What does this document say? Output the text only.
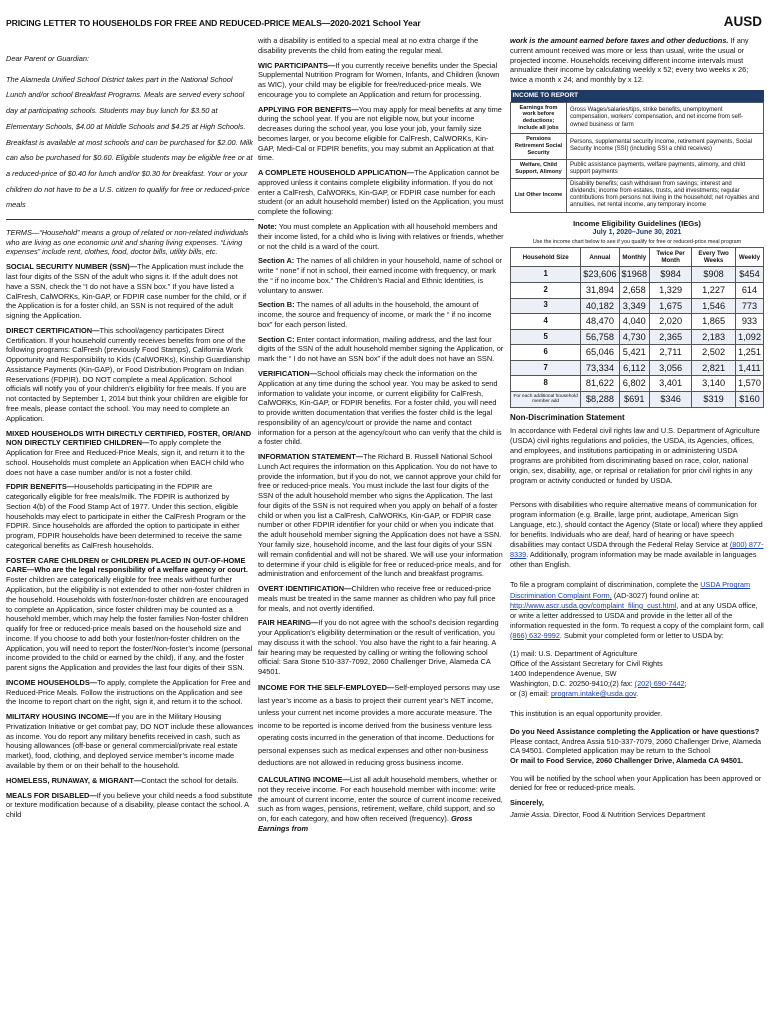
PRICING LETTER TO HOUSEHOLDS FOR FREE AND REDUCED-PRICE MEALS—2020-2021 School Year	AUSD

Dear Parent or Guardian:

The Alameda Unified School District takes part in the National School Lunch and/or school Breakfast Programs. Meals are served every school day at participating schools. Students may buy lunch for $3.50 at Elementary Schools, $4.00 at Middle Schools and $4.25 at High Schools. Breakfast is available at most schools and can be purchased for $2.00. Milk can also be purchased for $0.60. Eligible students may be eligible free or at a reduced-price of $0.40 for lunch and/or $0.30 for breakfast. Your or your children do not have to be a U.S. citizen to qualify for free or reduced-price meals

TERMS—“Household” means a group of related or non-related individuals who are living as one economic unit and sharing living expenses. “Living expenses” include rent, clothes, food, doctor bills, utility bills, etc.

SOCIAL SECURITY NUMBER (SSN)—The Application must include the last four digits of the SSN of the adult who signs it. If the adult does not have a SSN, check the “I do not have a SSN box.” If you have listed a CalFresh, CalWORKs, Kin-GAP, or FDPIR case number for the child, or if the Application is for a foster child, an SSN is not required of the adult signing the Application.

DIRECT CERTIFICATION—This school/agency participates Direct Certification. If your household currently receives benefits from one of the following programs: CalFresh (previously Food Stamps), California Work Opportunity and Responsibility to Kids (CalWORKs), Kinship Guardianship Assistance Payments (Kin-GAP), or Food Distribution Program on Indian Reservations (FDPIR). DO NOT complete a meal Application. School officials will notify you of your children’s eligibility for free meals. If you are not contacted by September 1, 2014 but think your children are eligible for free meals, please contact the school. You may need to complete an Application.

MIXED HOUSEHOLDS WITH DIRECTLY CERTIFIED, FOSTER, OR/AND NON DIRECTLY CERTIFIED CHILDREN—To apply complete the Application for Free and Reduced-Price Meals, sign it, and return it to the school. Households must complete an Application when EACH child who does not have a case number and/or is not a foster child.

FDPIR BENEFITS—Households participating in the FDPIR are categorically eligible for free meals/milk. The FDPIR is authorized by Section 4(b) of the Food Stamp Act of 1977. Under this section, eligible households may elect to participate in either the CalFresh Program or the FDPIR. Since households are afforded the option to participate in either program, FDPIR households have been determined to receive the same categorical benefits as CalFresh households.

FOSTER CARE CHILDREN or CHILDREN PLACED IN OUT-OF-HOME CARE—Who are the legal responsibility of a welfare agency or court. Foster children are categorically eligible for free meals without further Application, but the eligibility is not extended to other non-foster children in the household. Households with foster/non-foster children are encouraged to complete an Application, since foster children may be counted as a household member, which may help the foster families Non-foster children qualify for free or reduced-price meals based on the household size and income. If you choose to add both your foster/non-foster children on the Application, you will need to report the foster/Non-foster’s income (personal income provided to the child or earned by the child), if any, and the foster parent signs the Application and provides the last four digits of their SSN.

INCOME HOUSEHOLDS—To apply, complete the Application for Free and Reduced-Price Meals. Follow the instructions on the Application and see the Income to report chart on the right, sign it, and return it to the school.

MILITARY HOUSING INCOME—If you are in the Military Housing Privatization Initiative or get combat pay, DO NOT include these allowances as income. You do report any military benefits received in cash, such as housing allowances (off-base or general commercial/private real estate market), food, clothing, and deployed service member’s income made available by them or on their behalf to the household.

HOMELESS, RUNAWAY, & MIGRANT—Contact the school for details.

MEALS FOR DISABLED—If you believe your child needs a food substitute or texture modification because of a disability, please contact the school. A child

with a disability is entitled to a special meal at no extra charge if the disability prevents the child from eating the regular meal.

WIC PARTICIPANTS—If you currently receive benefits under the Special Supplemental Nutrition Program for Women, Infants, and Children (known as WIC), your child may be eligible for free/reduced-price meals. We encourage you to complete an Application and return for processing.

APPLYING FOR BENEFITS—You may apply for meal benefits at any time during the school year. If you are not eligible now, but your income decreases during the school year, you lose your job, your family size becomes larger, or you become eligible for CalFresh, CalWORKs, Kin-GAP, Medi-Cal or FDPIR benefits, you may submit an Application at that time.

A COMPLETE HOUSEHOLD APPLICATION—The Application cannot be approved unless it contains complete eligibility information. If you do not enter a CalFresh, CalWORKs, Kin-GAP, or FDPIR case number for each student (or an adult household member) listed on the Application, you must complete the following:

Note: You must complete an Application with all household members and their income listed, for a child who is living with relatives or friends, whether or not the child is a ward of the court.

Section A: The names of all children in your household, name of school or write “ none” if not in school, their earned income with frequency, or mark the “ if no income box.” The Children’s Racial and Ethnic Identities, is voluntary to answer.

Section B: The names of all adults in the household, the amount of income, the source and frequency of income, or mark the “ if no income box” for each person listed.

Section C: Enter contact information, mailing address, and the last four digits of the SSN of the adult household member signing the Application, or mark the “ I do not have an SSN box” if the adult does not have an SSN.

VERIFICATION—School officials may check the information on the Application at any time during the school year. You may be asked to send information to validate your income, or current eligibility for CalFresh, CalWORKs, Kin-GAP, or FDPIR benefits. For a foster child, you will need to provide written documentation that verifies the foster child is the legal responsibility of an agency/court or provide the name and contact information for a person at the agency/court who can verify that the child is a foster child.

INFORMATION STATEMENT—The Richard B. Russell National School Lunch Act requires the information on this Application. You do not have to provide the information, but if you do not, we cannot approve your child for free or reduced-price meals. You must include the last four digits of the SSN of the adult household member who signs the Application. The last four digits of the SSN is not required when you apply on behalf of a foster child or when you list a CalFresh, CalWORKs, Kin-GAP, or FDPIR case number or other FDPIR identifier for your child or when you indicate that the adult household member signing the Application does not have a SSN. Your family size, household income, and the last four digits of your SSN will remain confidential and will not be shared. We will use your information to determine if your child is eligible for free or reduced-price meals, and for administration and enforcement of the lunch and breakfast programs.

OVERT IDENTIFICATION—Children who receive free or reduced-price meals must be treated in the same manner as children who pay full price for meals, and not overtly identified.

FAIR HEARING—If you do not agree with the school’s decision regarding your Application’s eligibility determination or the result of verification, you may discuss it with the school. You also have the right to a fair hearing. A fair hearing may be requested by calling or writing the following school official: Sara Stone 510-337-7092, 2060 Challenger Drive, Alameda CA 94501.

INCOME FOR THE SELF-EMPLOYED—Self-employed persons may use last year’s income as a basis to project their current year’s NET income, unless your current net income provides a more accurate measure. The income to be reported is income derived from the business venture less operating costs incurred in the generation of that income. Deductions for personal expenses such as medical expenses and other non-business deductions are not allowed in reducing gross business income.

CALCULATING INCOME—List all adult household members, whether or not they receive income. For each household member with income: write the amount of current income, enter the source of current income received, such as from wages, pensions, retirement, welfare, child support, and so on, for each category, and how often received (frequency). Gross Earnings from

work is the amount earned before taxes and other deductions. If any current amount received was more or less than usual, write the usual or projected income. Households receiving different income intervals must annualize their income by calculating weekly x 52; every two weeks x 26; twice a month x 24; and monthly by x 12.

INCOME TO REPORT	
Earnings from work before deductions; include all jobs	Gross Wages/salaries/tips, strike benefits, unemployment compensation, workers’ compensation, and net income from self-owned business or farm
Pensions Retirement Social Security	Persons, supplemental security income, retirement payments, Social Security Income (SSI) (including SSI a child receives)
Welfare, Child Support, Alimony	Public assistance payments, welfare payments, alimony, and child support payments
List Other Income	Disability benefits; cash withdrawn from savings; interest and dividends; income from estates, trusts, and investments; regular contributions from persons not living in the household; net royalties and annuities, net rental income, any temporary income
Income Eligibility Guidelines (IEGs)
July 1, 2020–June 30, 2021
Use the income chart below to see if you qualify for free or reduced-price meal program
Household Size	Annual	Monthly	Twice Per Month	Every Two Weeks	Weekly
1	$23,606	$1968	$984	$908	$454
2	31,894	2,658	1,329	1,227	614
3	40,182	3,349	1,675	1,546	773
4	48,470	4,040	2,020	1,865	933
5	56,758	4,730	2,365	2,183	1,092
6	65,046	5,421	2,711	2,502	1,251
7	73,334	6,112	3,056	2,821	1,411
8	81,622	6,802	3,401	3,140	1,570
For each additional household member add	$8,288	$691	$346	$319	$160
Non-Discrimination Statement

In accordance with Federal civil rights law and U.S. Department of Agriculture (USDA) civil rights regulations and policies, the USDA, its Agencies, offices, and employees, and institutions participating in or administering USDA programs are prohibited from discriminating based on race, color, national origin, sex, disability, age, or reprisal or retaliation for prior civil rights in any program or activity conducted or funded by USDA.

Persons with disabilities who require alternative means of communication for program information (e.g. Braille, large print, audiotape, American Sign Language, etc.), should contact the Agency (State or local) where they applied for benefits. Individuals who are deaf, hard of hearing or have speech disabilities may contact USDA through the Federal Relay Service at (800) 877-8339. Additionally, program information may be made available in languages other than English.

To file a program complaint of discrimination, complete the USDA Program Discrimination Complaint Form, (AD-3027) found online at: http://www.ascr.usda.gov/complaint_filing_cust.html, and at any USDA office, or write a letter addressed to USDA and provide in the letter all of the information requested in the form. To request a copy of the complaint form, call (866) 632-9992. Submit your completed form or letter to USDA by:

(1) mail: U.S. Department of Agriculture

Office of the Assistant Secretary for Civil Rights

1400 Independence Avenue, SW

Washington, D.C. 20250-9410;(2) fax: (202) 690-7442;

or (3) email: program.intake@usda.gov.

This institution is an equal opportunity provider.

Do you Need Assistance completing the Application or have questions?
Please contact, Andrea Assia 510-337-7079, 2060 Challenger Drive, Alameda CA 94501. Completed application may be return to the School
Or mail to Food Service, 2060 Challenger Drive, Alameda CA 94501.

You will be notified by the school when your Application has been approved or denied for free or reduced-price meals.

Sincerely,

Jamie Assia. Director, Food & Nutrition Services Department
